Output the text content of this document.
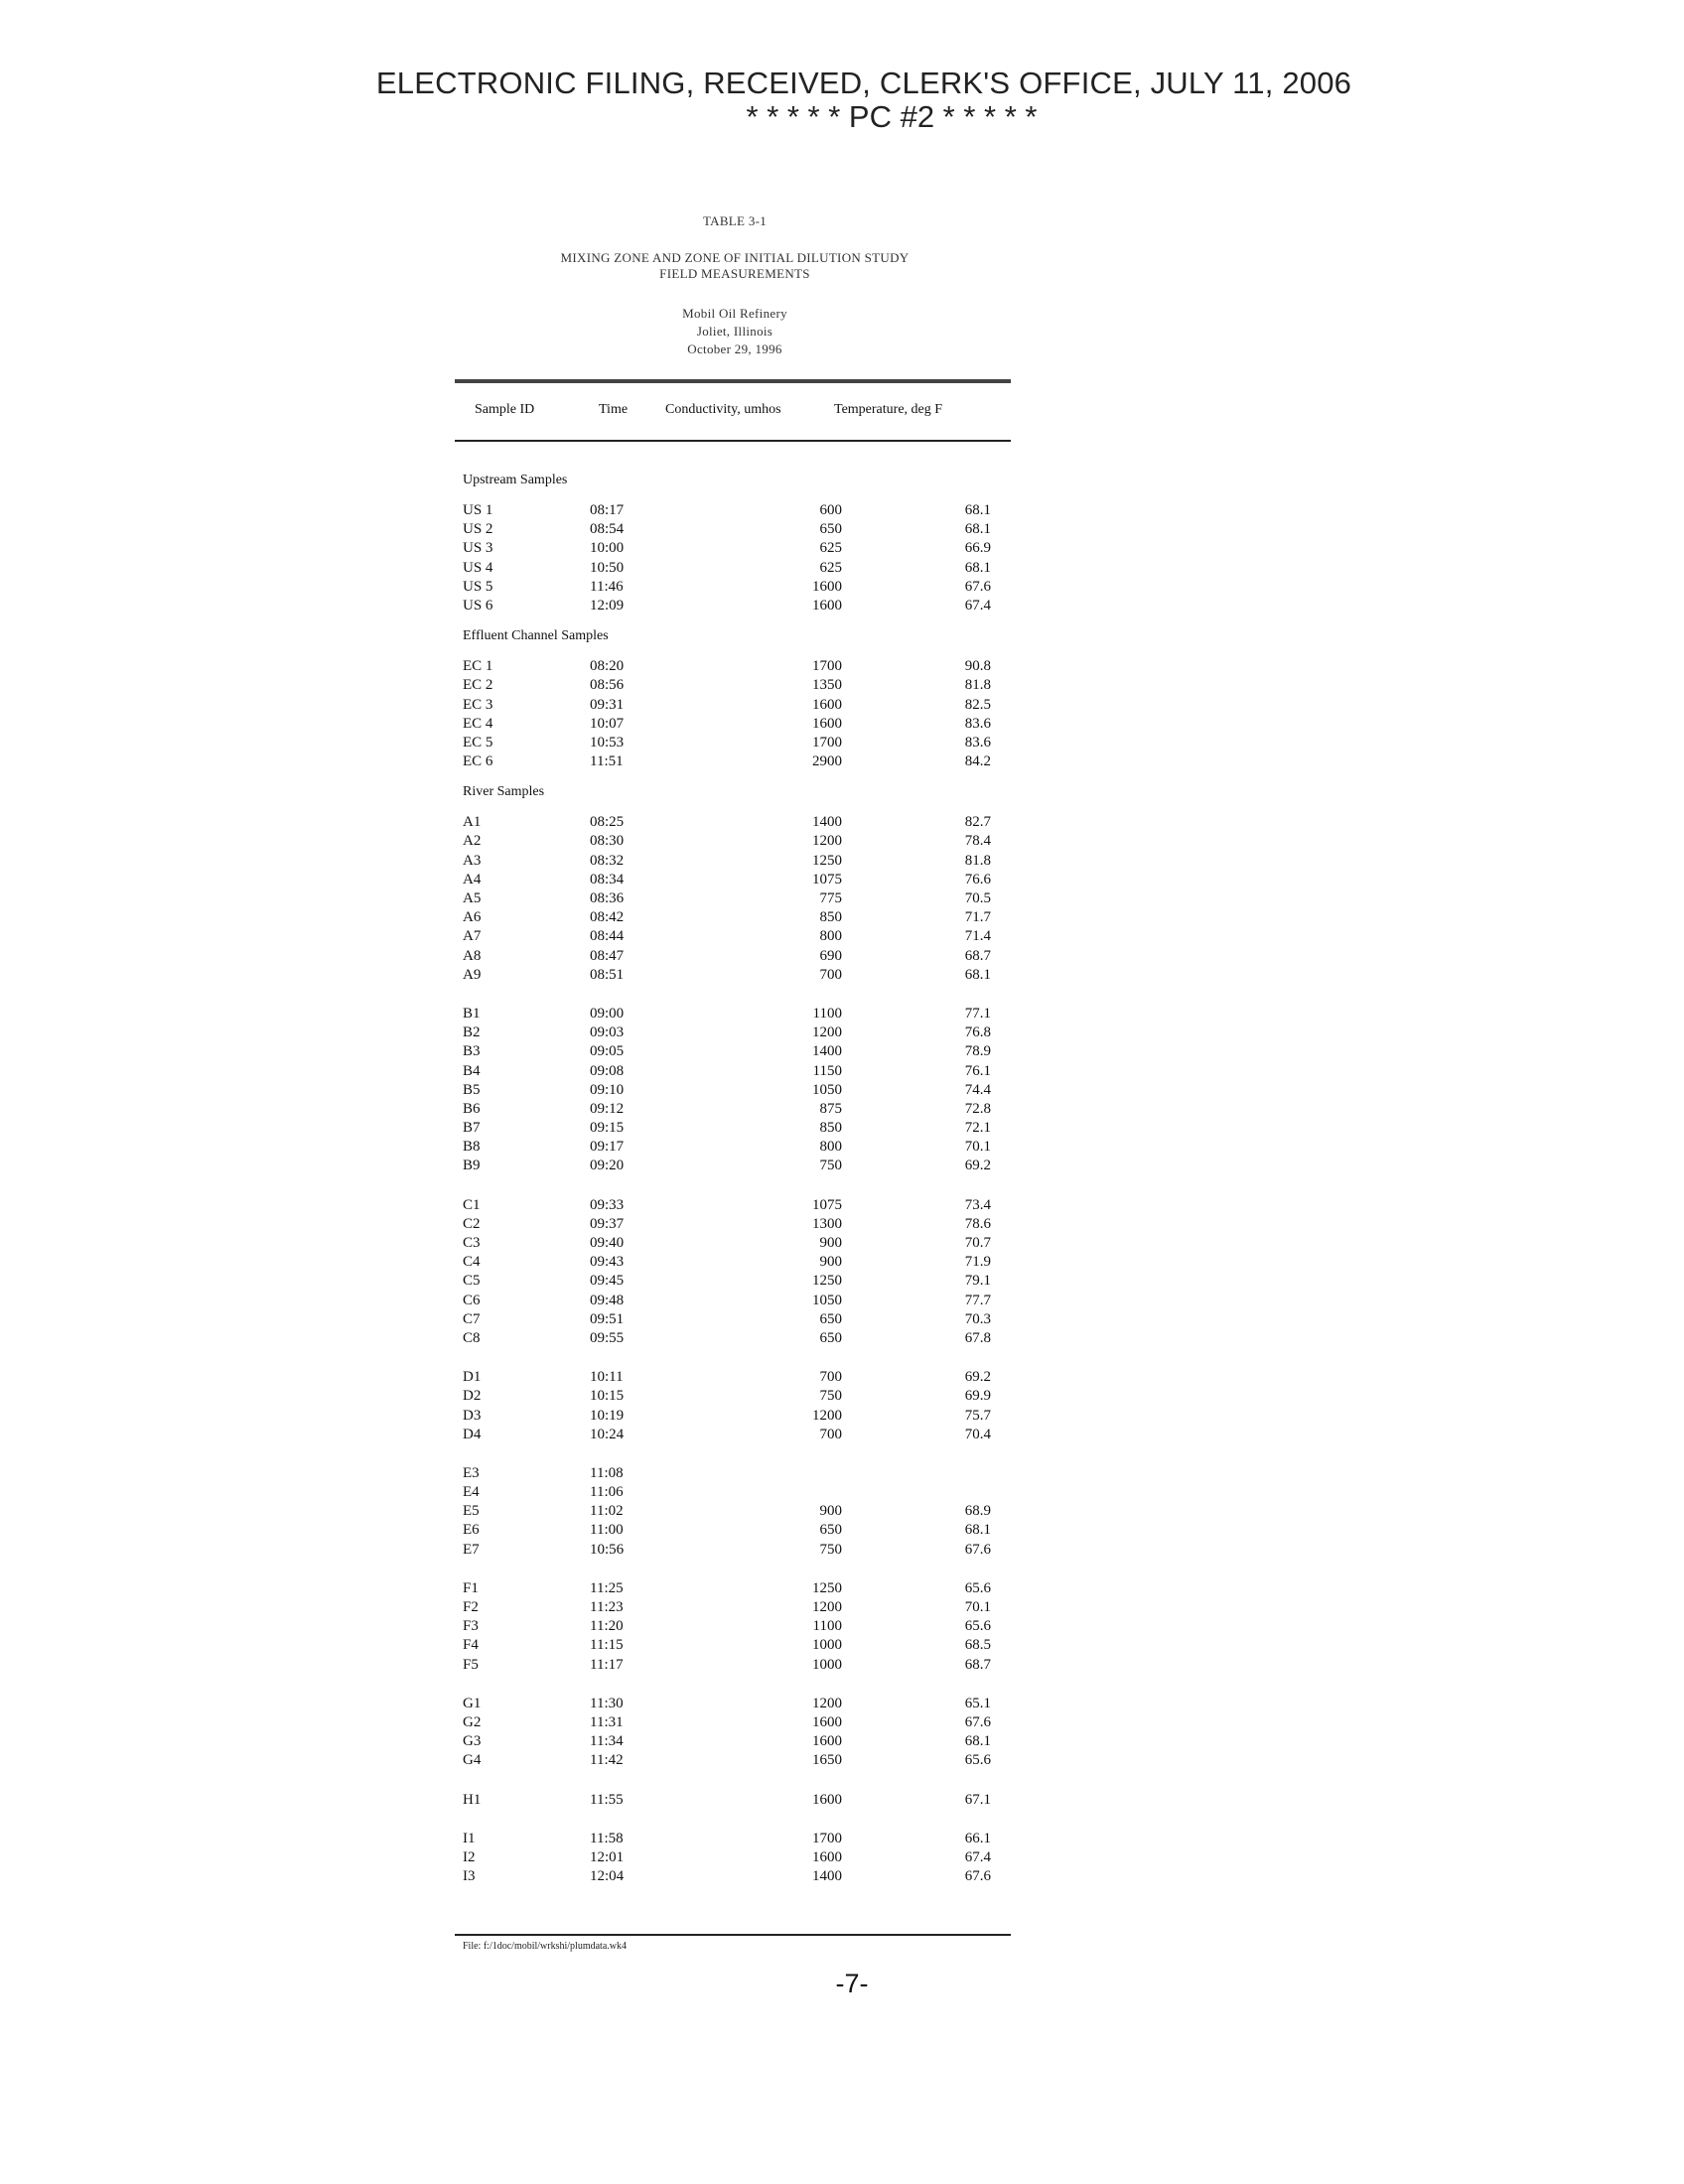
ELECTRONIC FILING, RECEIVED, CLERK'S OFFICE, JULY 11, 2006
* * * * * PC #2 * * * * *
TABLE 3-1
MIXING ZONE AND ZONE OF INITIAL DILUTION STUDY
FIELD MEASUREMENTS
Mobil Oil Refinery
Joliet, Illinois
October 29, 1996
Sample ID	Time	Conductivity, umhos	Temperature, deg F
Upstream Samples
US 1	08:17	600	68.1
US 2	08:54	650	68.1
US 3	10:00	625	66.9
US 4	10:50	625	68.1
US 5	11:46	1600	67.6
US 6	12:09	1600	67.4
Effluent Channel Samples
EC 1	08:20	1700	90.8
EC 2	08:56	1350	81.8
EC 3	09:31	1600	82.5
EC 4	10:07	1600	83.6
EC 5	10:53	1700	83.6
EC 6	11:51	2900	84.2
River Samples
A1	08:25	1400	82.7
A2	08:30	1200	78.4
A3	08:32	1250	81.8
A4	08:34	1075	76.6
A5	08:36	775	70.5
A6	08:42	850	71.7
A7	08:44	800	71.4
A8	08:47	690	68.7
A9	08:51	700	68.1
B1	09:00	1100	77.1
B2	09:03	1200	76.8
B3	09:05	1400	78.9
B4	09:08	1150	76.1
B5	09:10	1050	74.4
B6	09:12	875	72.8
B7	09:15	850	72.1
B8	09:17	800	70.1
B9	09:20	750	69.2
C1	09:33	1075	73.4
C2	09:37	1300	78.6
C3	09:40	900	70.7
C4	09:43	900	71.9
C5	09:45	1250	79.1
C6	09:48	1050	77.7
C7	09:51	650	70.3
C8	09:55	650	67.8
D1	10:11	700	69.2
D2	10:15	750	69.9
D3	10:19	1200	75.7
D4	10:24	700	70.4
E3	11:08
E4	11:06
E5	11:02	900	68.9
E6	11:00	650	68.1
E7	10:56	750	67.6
F1	11:25	1250	65.6
F2	11:23	1200	70.1
F3	11:20	1100	65.6
F4	11:15	1000	68.5
F5	11:17	1000	68.7
G1	11:30	1200	65.1
G2	11:31	1600	67.6
G3	11:34	1600	68.1
G4	11:42	1650	65.6
H1	11:55	1600	67.1
I1	11:58	1700	66.1
I2	12:01	1600	67.4
I3	12:04	1400	67.6
File: f:/1doc/mobil/wrkshi/plumdata.wk4
-7-
